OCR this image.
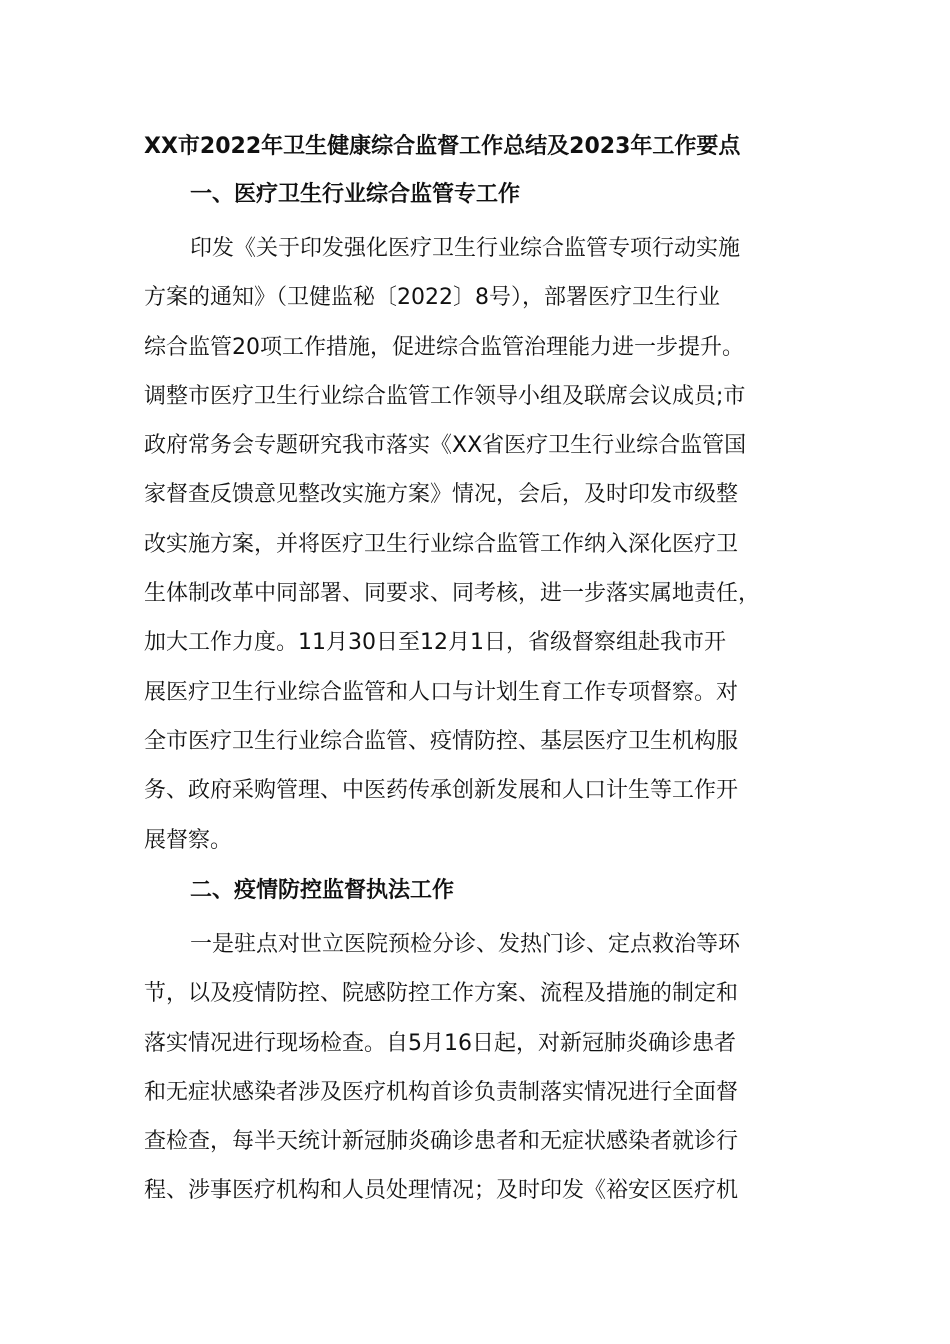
XX市2022年卫生健康综合监督工作总结及2023年工作要点
一、医疗卫生行业综合监管专工作
印发《关于印发强化医疗卫生行业综合监管专项行动实施
方案的通知》（卫健监秘〔2022〕8号），部署医疗卫生行业
综合监管20项工作措施，促进综合监管治理能力进一步提升。
调整市医疗卫生行业综合监管工作领导小组及联席会议成员;市
政府常务会专题研究我市落实《XX省医疗卫生行业综合监管国
家督查反馈意见整改实施方案》情况，会后，及时印发市级整
改实施方案，并将医疗卫生行业综合监管工作纳入深化医疗卫
生体制改革中同部署、同要求、同考核，进一步落实属地责任，
加大工作力度。11月30日至12月1日，省级督察组赴我市开
展医疗卫生行业综合监管和人口与计划生育工作专项督察。对
全市医疗卫生行业综合监管、疫情防控、基层医疗卫生机构服
务、政府采购管理、中医药传承创新发展和人口计生等工作开
展督察。
二、疫情防控监督执法工作
一是驻点对世立医院预检分诊、发热门诊、定点救治等环
节，以及疫情防控、院感防控工作方案、流程及措施的制定和
落实情况进行现场检查。自5月16日起，对新冠肺炎确诊患者
和无症状感染者涉及医疗机构首诊负责制落实情况进行全面督
查检查，每半天统计新冠肺炎确诊患者和无症状感染者就诊行
程、涉事医疗机构和人员处理情况；及时印发《裕安区医疗机
